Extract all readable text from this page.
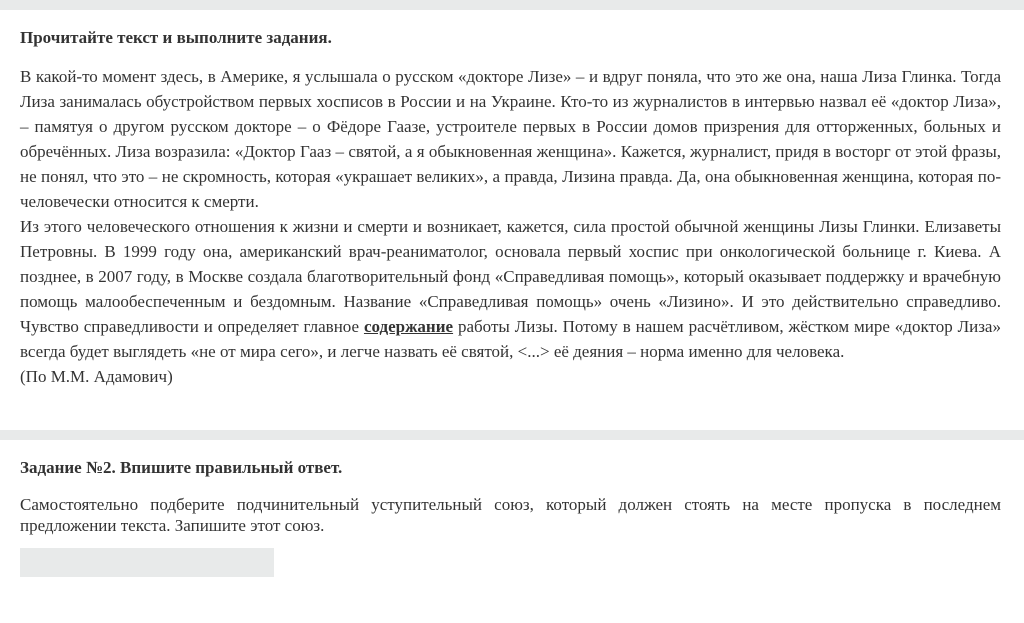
Прочитайте текст и выполните задания.

В какой-то момент здесь, в Америке, я услышала о русском «докторе Лизе» – и вдруг поняла, что это же она, наша Лиза Глинка. Тогда Лиза занималась обустройством первых хосписов в России и на Украине. Кто-то из журналистов в интервью назвал её «доктор Лиза», – памятуя о другом русском докторе – о Фёдоре Гаазе, устроителе первых в России домов призрения для отторженных, больных и обречённых. Лиза возразила: «Доктор Гааз – святой, а я обыкновенная женщина». Кажется, журналист, придя в восторг от этой фразы, не понял, что это – не скромность, которая «украшает великих», а правда, Лизина правда. Да, она обыкновенная женщина, которая по-человечески относится к смерти.

Из этого человеческого отношения к жизни и смерти и возникает, кажется, сила простой обычной женщины Лизы Глинки. Елизаветы Петровны. В 1999 году она, американский врач-реаниматолог, основала первый хоспис при онкологической больнице г. Киева. А позднее, в 2007 году, в Москве создала благотворительный фонд «Справедливая помощь», который оказывает поддержку и врачебную помощь малообеспеченным и бездомным. Название «Справедливая помощь» очень «Лизино». И это действительно справедливо. Чувство справедливости и определяет главное содержание работы Лизы. Потому в нашем расчётливом, жёстком мире «доктор Лиза» всегда будет выглядеть «не от мира сего», и легче назвать её святой, <...> её деяния – норма именно для человека.

(По М.М. Адамович)

Задание №2. Впишите правильный ответ.

Самостоятельно подберите подчинительный уступительный союз, который должен стоять на месте пропуска в последнем предложении текста. Запишите этот союз.
